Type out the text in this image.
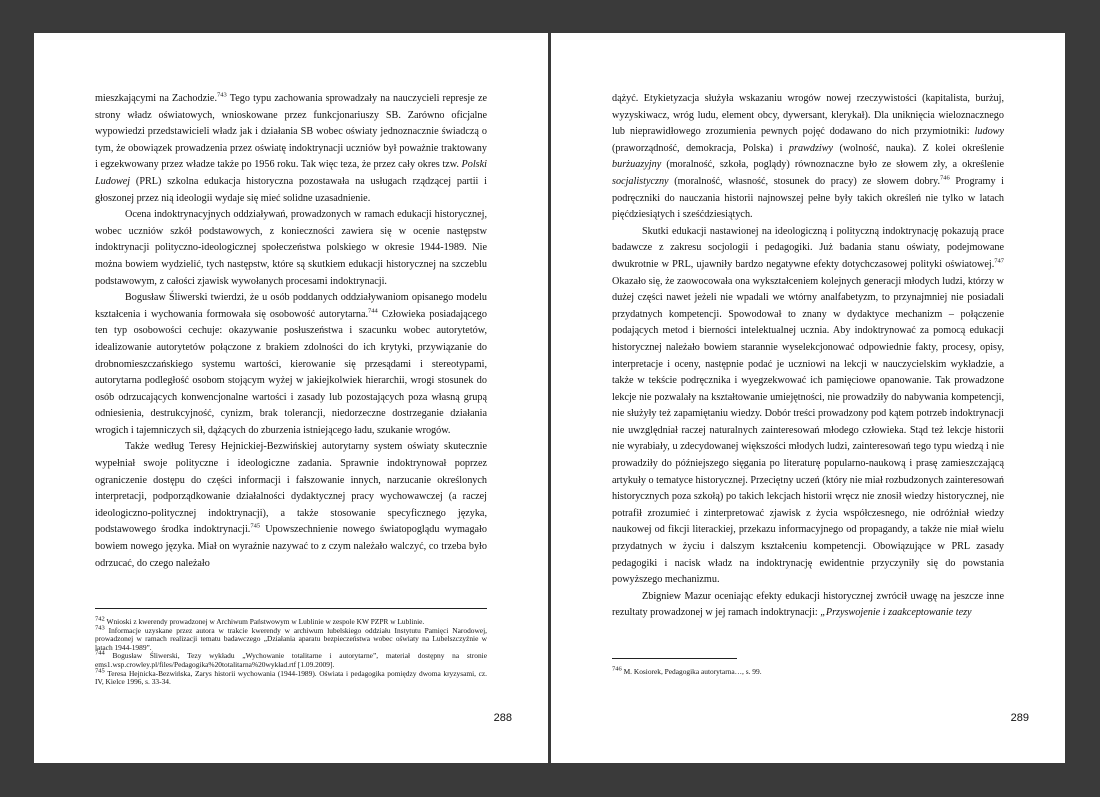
mieszkającymi na Zachodzie.$^{743}$ Tego typu zachowania sprowadzały na nauczycieli represje ze strony władz oświatowych, wnioskowane przez funkcjonariuszy SB. Zarówno oficjalne wypowiedzi przedstawicieli władz jak i działania SB wobec oświaty jednoznacznie świadczą o tym, że obowiązek prowadzenia przez oświatę indoktrynacji uczniów był poważnie traktowany i egzekwowany przez władze także po 1956 roku. Tak więc teza, że przez cały okres tzw. Polski Ludowej (PRL) szkolna edukacja historyczna pozostawała na usługach rządzącej partii i głoszonej przez nią ideologii wydaje się mieć solidne uzasadnienie.

Ocena indoktrynacyjnych oddziaływań, prowadzonych w ramach edukacji historycznej, wobec uczniów szkół podstawowych, z konieczności zawiera się w ocenie następstw indoktrynacji polityczno-ideologicznej społeczeństwa polskiego w okresie 1944-1989. Nie można bowiem wydzielić, tych następstw, które są skutkiem edukacji historycznej na szczeblu podstawowym, z całości zjawisk wywołanych procesami indoktrynacji.

Bogusław Śliwerski twierdzi, że u osób poddanych oddziaływaniom opisanego modelu kształcenia i wychowania formowała się osobowość autorytarna.$^{744}$ Człowieka posiadającego ten typ osobowości cechuje: okazywanie posłuszeństwa i szacunku wobec autorytetów, idealizowanie autorytetów połączone z brakiem zdolności do ich krytyki, przywiązanie do drobnomieszczańskiego systemu wartości, kierowanie się przesądami i stereotypami, autorytarna podległość osobom stojącym wyżej w jakiejkolwiek hierarchii, wrogi stosunek do osób odrzucających konwencjonalne wartości i zasady lub pozostających poza własną grupą odniesienia, destrukcyjność, cynizm, brak tolerancji, niedorzeczne dostrzeganie działania wrogich i tajemniczych sił, dążących do zburzenia istniejącego ładu, szukanie wrogów.

Także według Teresy Hejnickiej-Bezwińskiej autorytarny system oświaty skutecznie wypełniał swoje polityczne i ideologiczne zadania. Sprawnie indoktrynował poprzez ograniczenie dostępu do części informacji i fałszowanie innych, narzucanie określonych interpretacji, podporządkowanie działalności dydaktycznej pracy wychowawczej (a raczej ideologiczno-politycznej indoktrynacji), a także stosowanie specyficznego języka, podstawowego środka indoktrynacji.$^{745}$ Upowszechnienie nowego światopoglądu wymagało bowiem nowego języka. Miał on wyraźnie nazywać to z czym należało walczyć, co trzeba było odrzucać, do czego należało

$^{742}$ Wnioski z kwerendy prowadzonej w Archiwum Państwowym w Lublinie w zespole KW PZPR w Lublinie.

$^{743}$ Informacje uzyskane przez autora w trakcie kwerendy w archiwum lubelskiego oddziału Instytutu Pamięci Narodowej, prowadzonej w ramach realizacji tematu badawczego „Działania aparatu bezpieczeństwa wobec oświaty na Lubelszczyźnie w latach 1944-1989”.

$^{744}$ Bogusław Śliwerski, Tezy wykładu „Wychowanie totalitarne i autorytarne”, materiał dostępny na stronie ems1.wsp.crowley.pl/files/Pedagogika%20totalitarna%20wykład.rtf [1.09.2009].

$^{745}$ Teresa Hejnicka-Bezwińska, Zarys historii wychowania (1944-1989). Oświata i pedagogika pomiędzy dwoma kryzysami, cz. IV, Kielce 1996, s. 33-34.

288

dążyć. Etykietyzacja służyła wskazaniu wrogów nowej rzeczywistości (kapitalista, burżuj, wyzyskiwacz, wróg ludu, element obcy, dywersant, klerykał). Dla uniknięcia wieloznacznego lub nieprawidłowego zrozumienia pewnych pojęć dodawano do nich przymiotniki: ludowy (praworządność, demokracja, Polska) i prawdziwy (wolność, nauka). Z kolei określenie burżuazyjny (moralność, szkoła, poglądy) równoznaczne było ze słowem zły, a określenie socjalistyczny (moralność, własność, stosunek do pracy) ze słowem dobry.$^{746}$ Programy i podręczniki do nauczania historii najnowszej pełne były takich określeń nie tylko w latach pięćdziesiątych i sześćdziesiątych.

Skutki edukacji nastawionej na ideologiczną i polityczną indoktrynację pokazują prace badawcze z zakresu socjologii i pedagogiki. Już badania stanu oświaty, podejmowane dwukrotnie w PRL, ujawniły bardzo negatywne efekty dotychczasowej polityki oświatowej.$^{747}$ Okazało się, że zaowocowała ona wykształceniem kolejnych generacji młodych ludzi, którzy w dużej części nawet jeżeli nie wpadali we wtórny analfabetyzm, to przynajmniej nie posiadali przydatnych kompetencji. Spowodował to znany w dydaktyce mechanizm – połączenie podających metod i bierności intelektualnej ucznia. Aby indoktrynować za pomocą edukacji historycznej należało bowiem starannie wyselekcjonować odpowiednie fakty, procesy, opisy, interpretacje i oceny, następnie podać je uczniowi na lekcji w nauczycielskim wykładzie, a także w tekście podręcznika i wyegzekwować ich pamięciowe opanowanie. Tak prowadzone lekcje nie pozwalały na kształtowanie umiejętności, nie prowadziły do nabywania kompetencji, nie służyły też zapamiętaniu wiedzy. Dobór treści prowadzony pod kątem potrzeb indoktrynacji nie uwzględniał raczej naturalnych zainteresowań młodego człowieka. Stąd też lekcje historii nie wyrabiały, u zdecydowanej większości młodych ludzi, zainteresowań tego typu wiedzą i nie prowadziły do późniejszego sięgania po literaturę popularno-naukową i prasę zamieszczającą artykuły o tematyce historycznej. Przeciętny uczeń (który nie miał rozbudzonych zainteresowań historycznych poza szkołą) po takich lekcjach historii wręcz nie znosił wiedzy historycznej, nie potrafił zrozumieć i zinterpretować zjawisk z życia współczesnego, nie odróżniał wiedzy naukowej od fikcji literackiej, przekazu informacyjnego od propagandy, a także nie miał wielu przydatnych w życiu i dalszym kształceniu kompetencji. Obowiązujące w PRL zasady pedagogiki i nacisk władz na indoktrynację ewidentnie przyczyniły się do powstania powyższego mechanizmu.

Zbigniew Mazur oceniając efekty edukacji historycznej zwrócił uwagę na jeszcze inne rezultaty prowadzonej w jej ramach indoktrynacji: „Przyswojenie i zaakceptowanie tezy

$^{746}$ M. Kosiorek, Pedagogika autorytarna…, s. 99.

289
